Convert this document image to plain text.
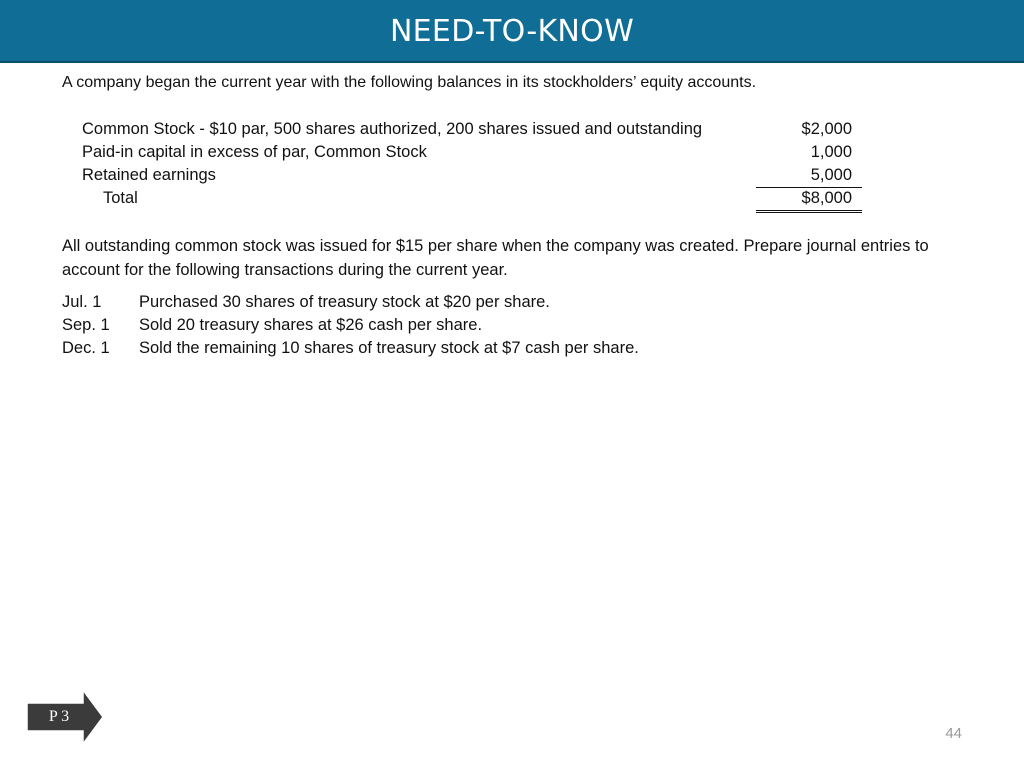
NEED-TO-KNOW
A company began the current year with the following balances in its stockholders’ equity accounts.
Common Stock - $10 par, 500 shares authorized, 200 shares issued and outstanding	$2,000
Paid-in capital in excess of par, Common Stock	1,000
Retained earnings	5,000
Total	$8,000
All outstanding common stock was issued for $15 per share when the company was created. Prepare journal entries to account for the following transactions during the current year.
Jul. 1 Purchased 30 shares of treasury stock at $20 per share.
Sep. 1 Sold 20 treasury shares at $26 cash per share.
Dec. 1 Sold the remaining 10 shares of treasury stock at $7 cash per share.
P 3
44
